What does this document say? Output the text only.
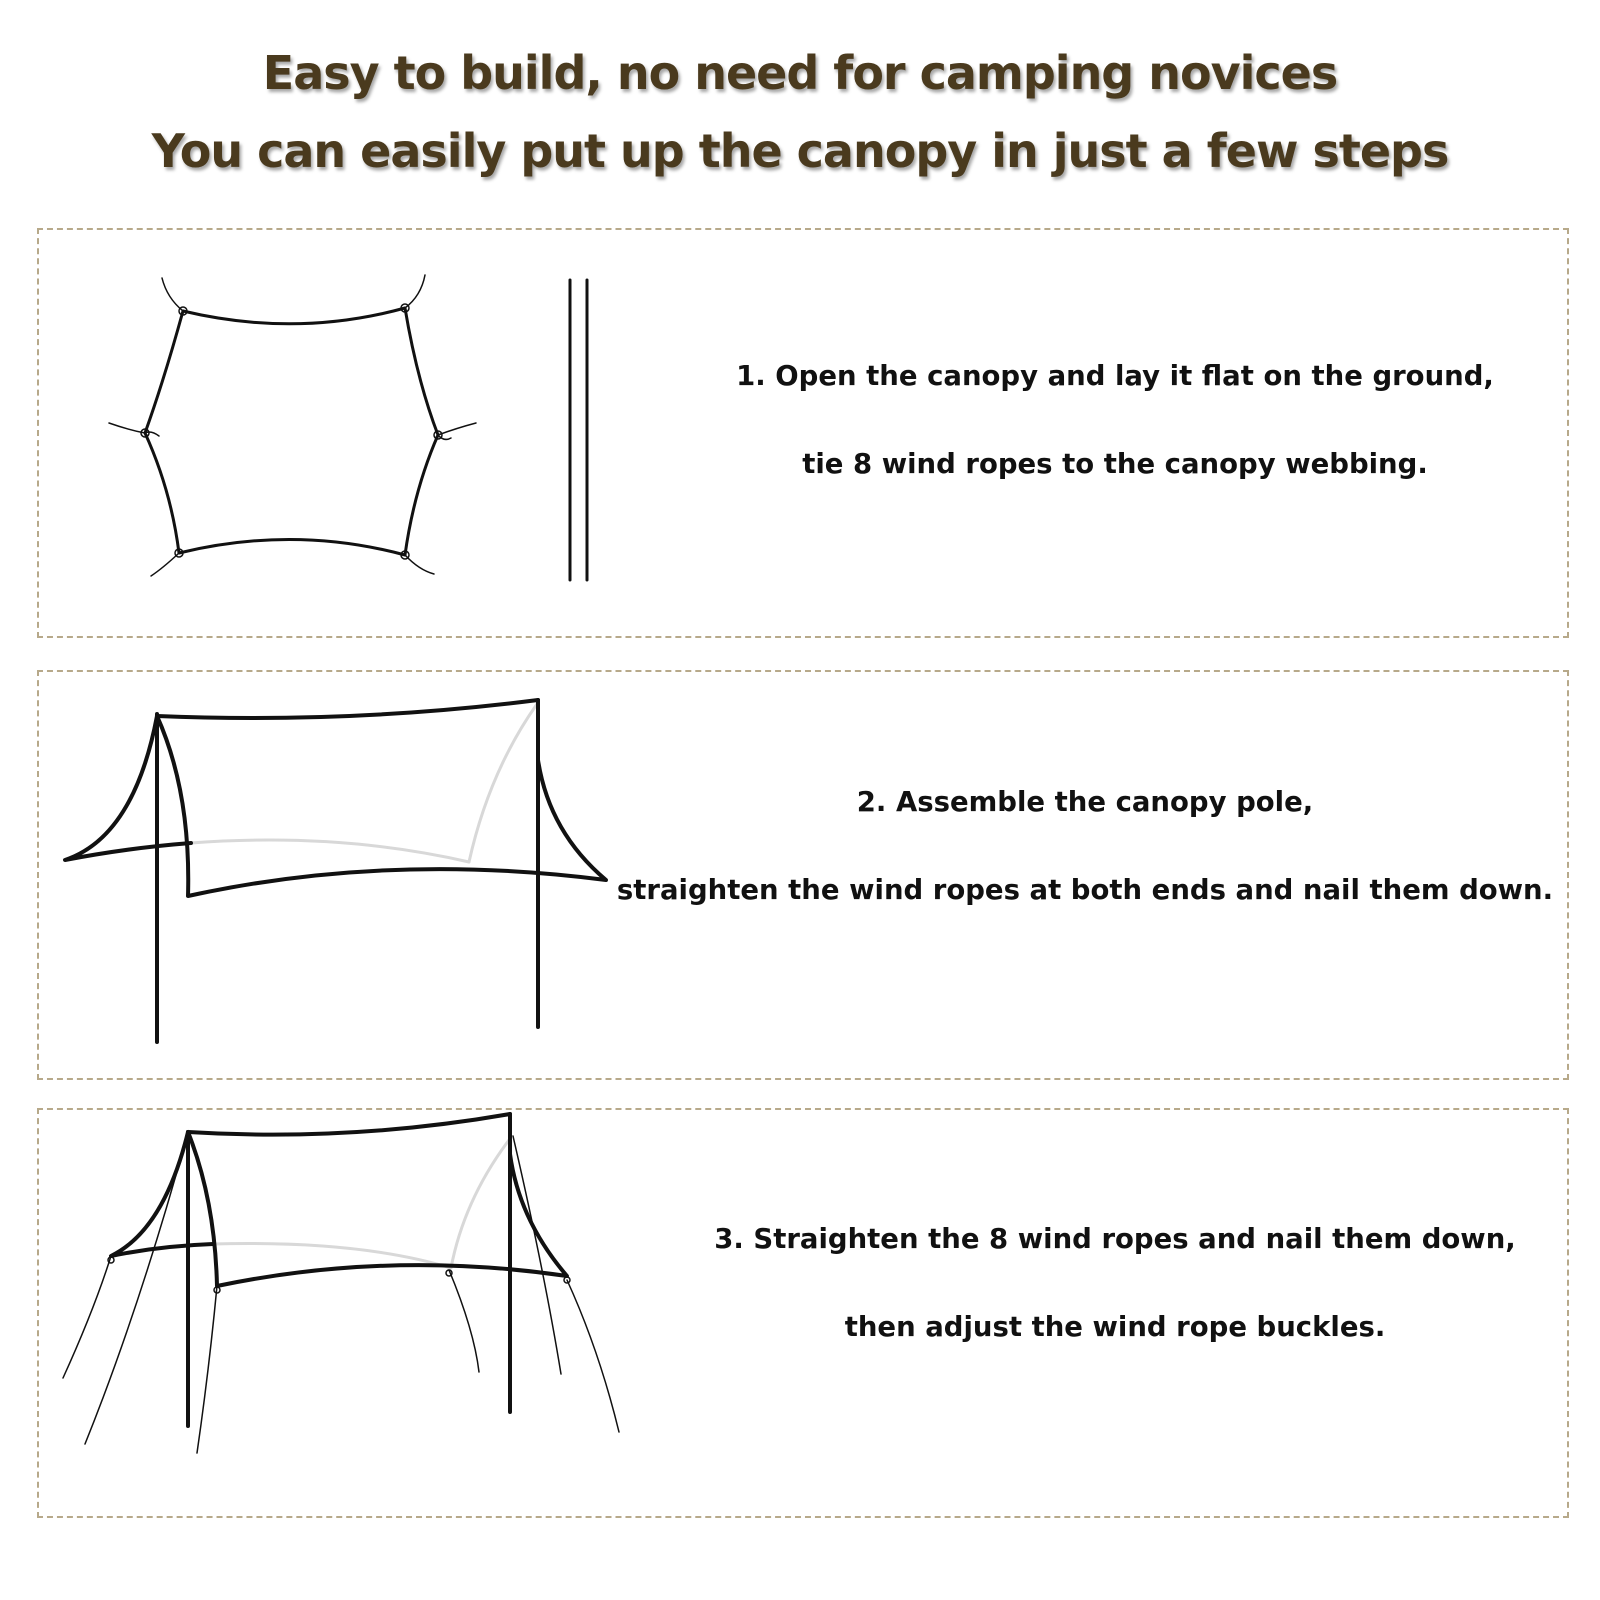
Easy to build, no need for camping novices
You can easily put up the canopy in just a few steps
1. Open the canopy and lay it flat on the ground,
tie 8 wind ropes to the canopy webbing.
2. Assemble the canopy pole,
straighten the wind ropes at both ends and nail them down.
3. Straighten the 8 wind ropes and nail them down,
then adjust the wind rope buckles.
